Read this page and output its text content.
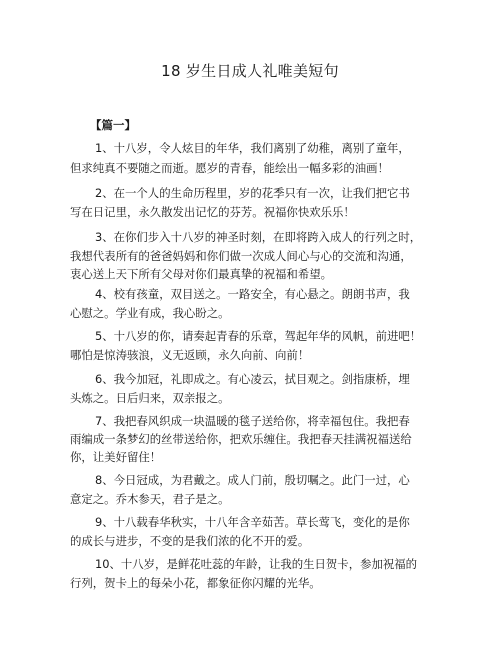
18 岁生日成人礼唯美短句
【篇一】
1、十八岁，令人炫目的年华，我们离别了幼稚，离别了童年，
但求纯真不要随之而逝。愿岁的青春，能绘出一幅多彩的油画！
2、在一个人的生命历程里，岁的花季只有一次，让我们把它书
写在日记里，永久散发出记忆的芬芳。祝福你快欢乐乐！
3、在你们步入十八岁的神圣时刻，在即将跨入成人的行列之时，
我想代表所有的爸爸妈妈和你们做一次成人间心与心的交流和沟通，
衷心送上天下所有父母对你们最真挚的祝福和希望。
4、校有孩童，双目送之。一路安全，有心悬之。朗朗书声，我
心慰之。学业有成，我心盼之。
5、十八岁的你，请奏起青春的乐章，驾起年华的风帆，前进吧！
哪怕是惊涛骇浪，义无返顾，永久向前、向前！
6、我今加冠，礼即成之。有心凌云，拭目观之。剑指康桥，埋
头炼之。日后归来，双亲报之。
7、我把春风织成一块温暖的毯子送给你，将幸福包住。我把春
雨编成一条梦幻的丝带送给你，把欢乐缠住。我把春天挂满祝福送给
你，让美好留住！
8、今日冠成，为君戴之。成人门前，殷切嘱之。此门一过，心
意定之。乔木参天，君子是之。
9、十八载春华秋实，十八年含辛茹苦。草长莺飞，变化的是你
的成长与进步，不变的是我们浓的化不开的爱。
10、十八岁，是鲜花吐蕊的年龄，让我的生日贺卡，参加祝福的
行列，贺卡上的每朵小花，都象征你闪耀的光华。
